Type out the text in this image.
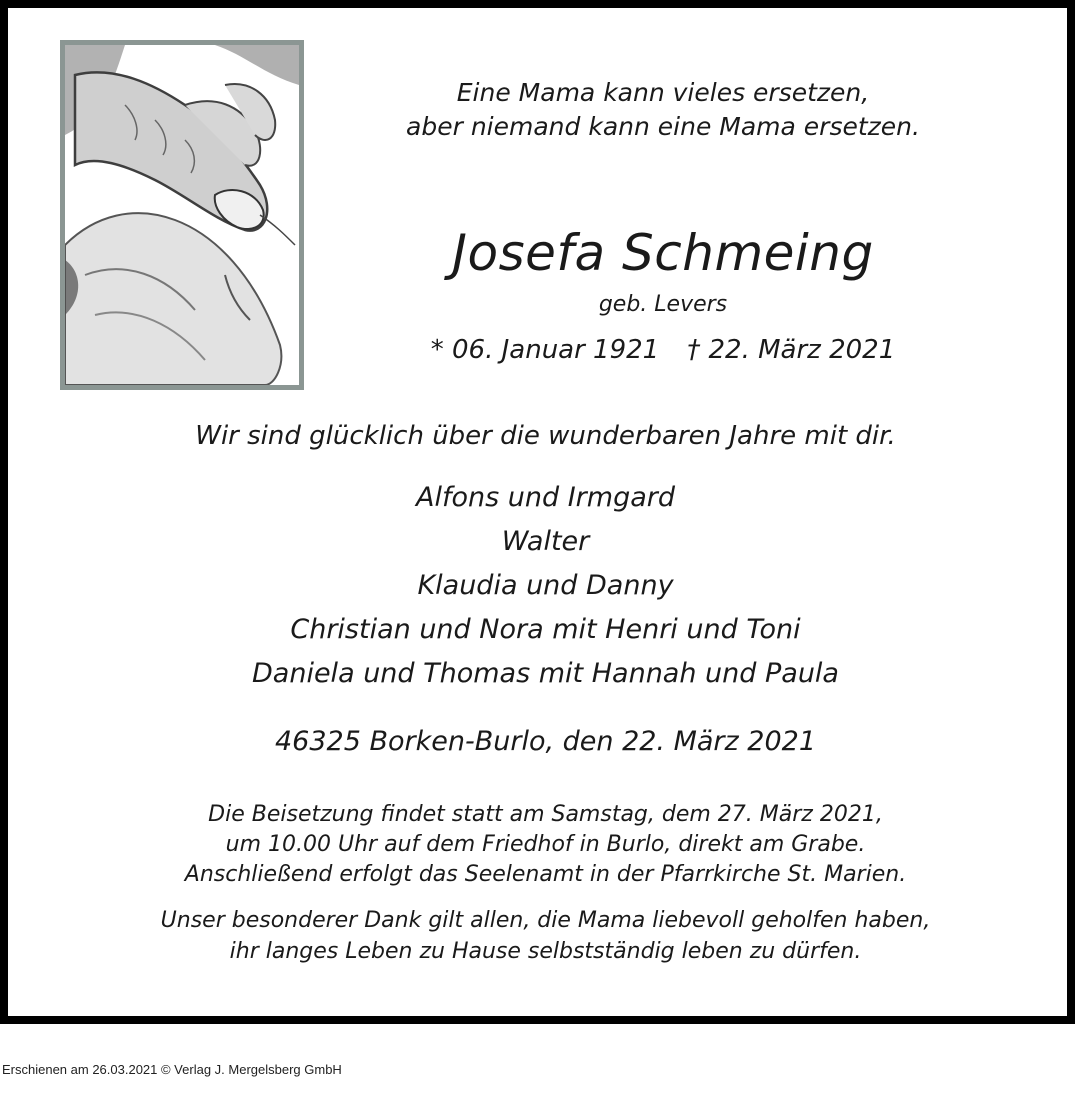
Eine Mama kann vieles ersetzen,
aber niemand kann eine Mama ersetzen.
Josefa Schmeing
geb. Levers
* 06. Januar 1921 † 22. März 2021
Wir sind glücklich über die wunderbaren Jahre mit dir.
Alfons und Irmgard
Walter
Klaudia und Danny
Christian und Nora mit Henri und Toni
Daniela und Thomas mit Hannah und Paula
46325 Borken-Burlo, den 22. März 2021
Die Beisetzung findet statt am Samstag, dem 27. März 2021,
um 10.00 Uhr auf dem Friedhof in Burlo, direkt am Grabe.
Anschließend erfolgt das Seelenamt in der Pfarrkirche St. Marien.
Unser besonderer Dank gilt allen, die Mama liebevoll geholfen haben,
ihr langes Leben zu Hause selbstständig leben zu dürfen.
Erschienen am 26.03.2021 © Verlag J. Mergelsberg GmbH
